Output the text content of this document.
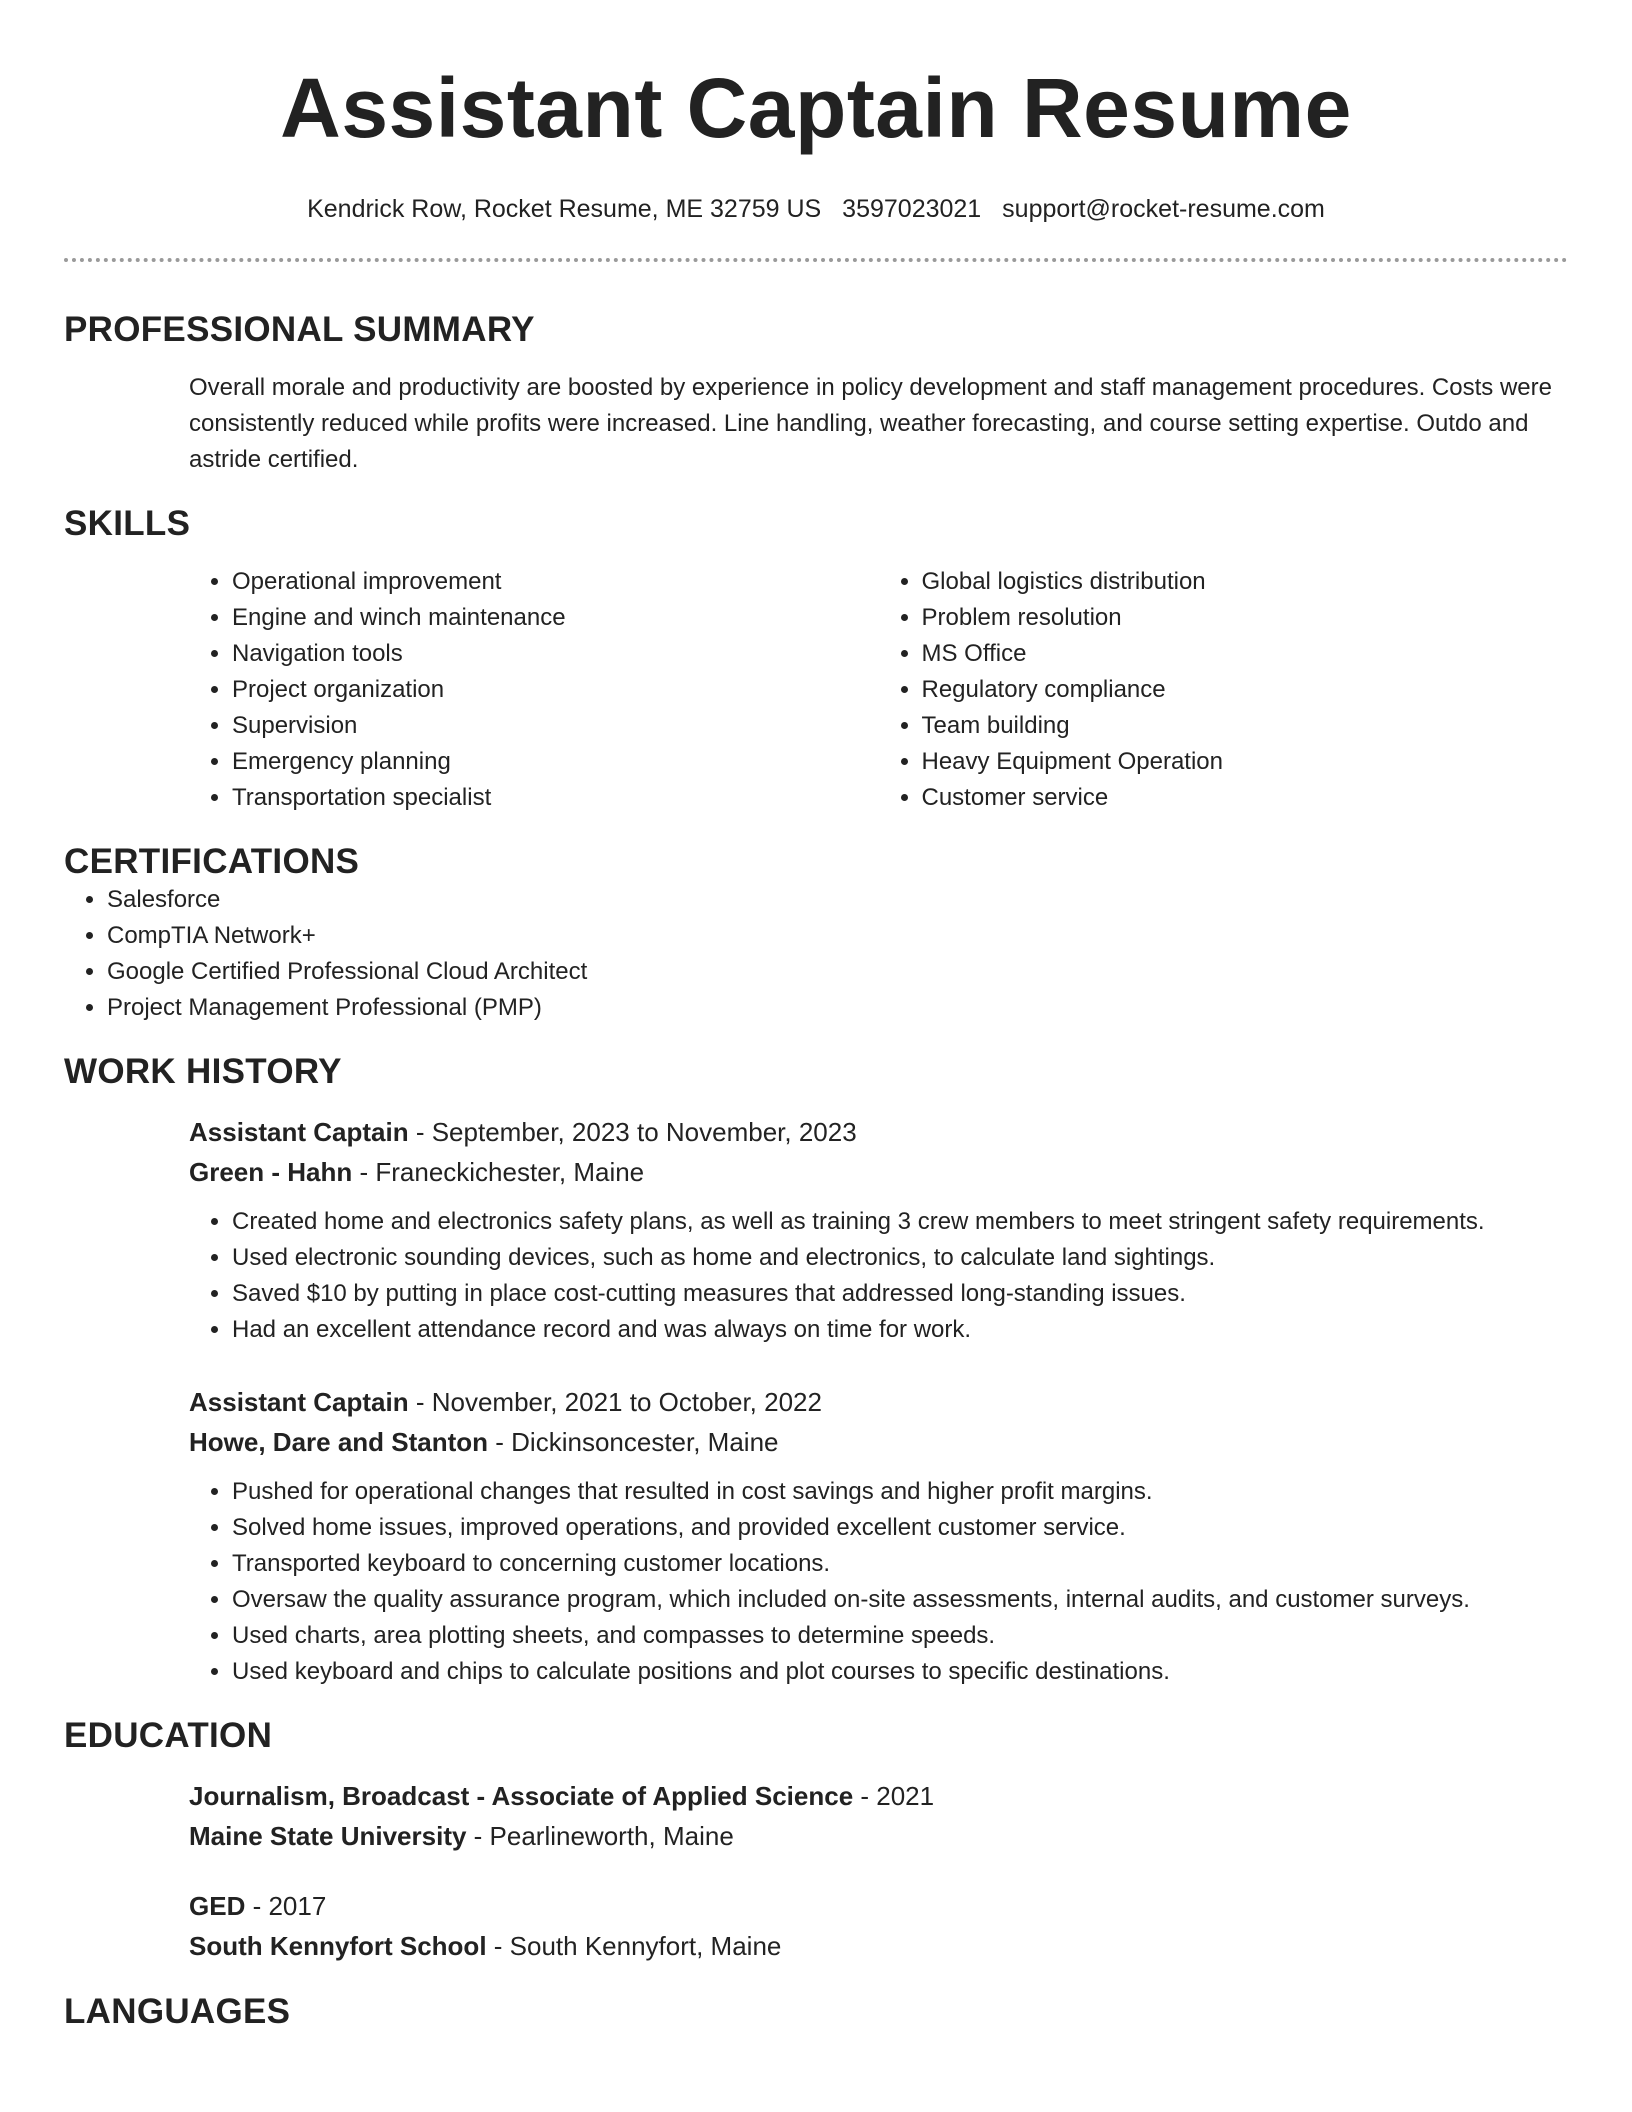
Assistant Captain Resume
Kendrick Row, Rocket Resume, ME 32759 US 3597023021 support@rocket-resume.com
PROFESSIONAL SUMMARY
Overall morale and productivity are boosted by experience in policy development and staff management procedures. Costs were consistently reduced while profits were increased. Line handling, weather forecasting, and course setting expertise. Outdo and astride certified.
SKILLS
• Operational improvement
• Engine and winch maintenance
• Navigation tools
• Project organization
• Supervision
• Emergency planning
• Transportation specialist
• Global logistics distribution
• Problem resolution
• MS Office
• Regulatory compliance
• Team building
• Heavy Equipment Operation
• Customer service
CERTIFICATIONS
• Salesforce
• CompTIA Network+
• Google Certified Professional Cloud Architect
• Project Management Professional (PMP)
WORK HISTORY
Assistant Captain - September, 2023 to November, 2023
Green - Hahn - Franeckichester, Maine
• Created home and electronics safety plans, as well as training 3 crew members to meet stringent safety requirements.
• Used electronic sounding devices, such as home and electronics, to calculate land sightings.
• Saved $10 by putting in place cost-cutting measures that addressed long-standing issues.
• Had an excellent attendance record and was always on time for work.
Assistant Captain - November, 2021 to October, 2022
Howe, Dare and Stanton - Dickinsoncester, Maine
• Pushed for operational changes that resulted in cost savings and higher profit margins.
• Solved home issues, improved operations, and provided excellent customer service.
• Transported keyboard to concerning customer locations.
• Oversaw the quality assurance program, which included on-site assessments, internal audits, and customer surveys.
• Used charts, area plotting sheets, and compasses to determine speeds.
• Used keyboard and chips to calculate positions and plot courses to specific destinations.
EDUCATION
Journalism, Broadcast - Associate of Applied Science - 2021
Maine State University - Pearlineworth, Maine
GED - 2017
South Kennyfort School - South Kennyfort, Maine
LANGUAGES
